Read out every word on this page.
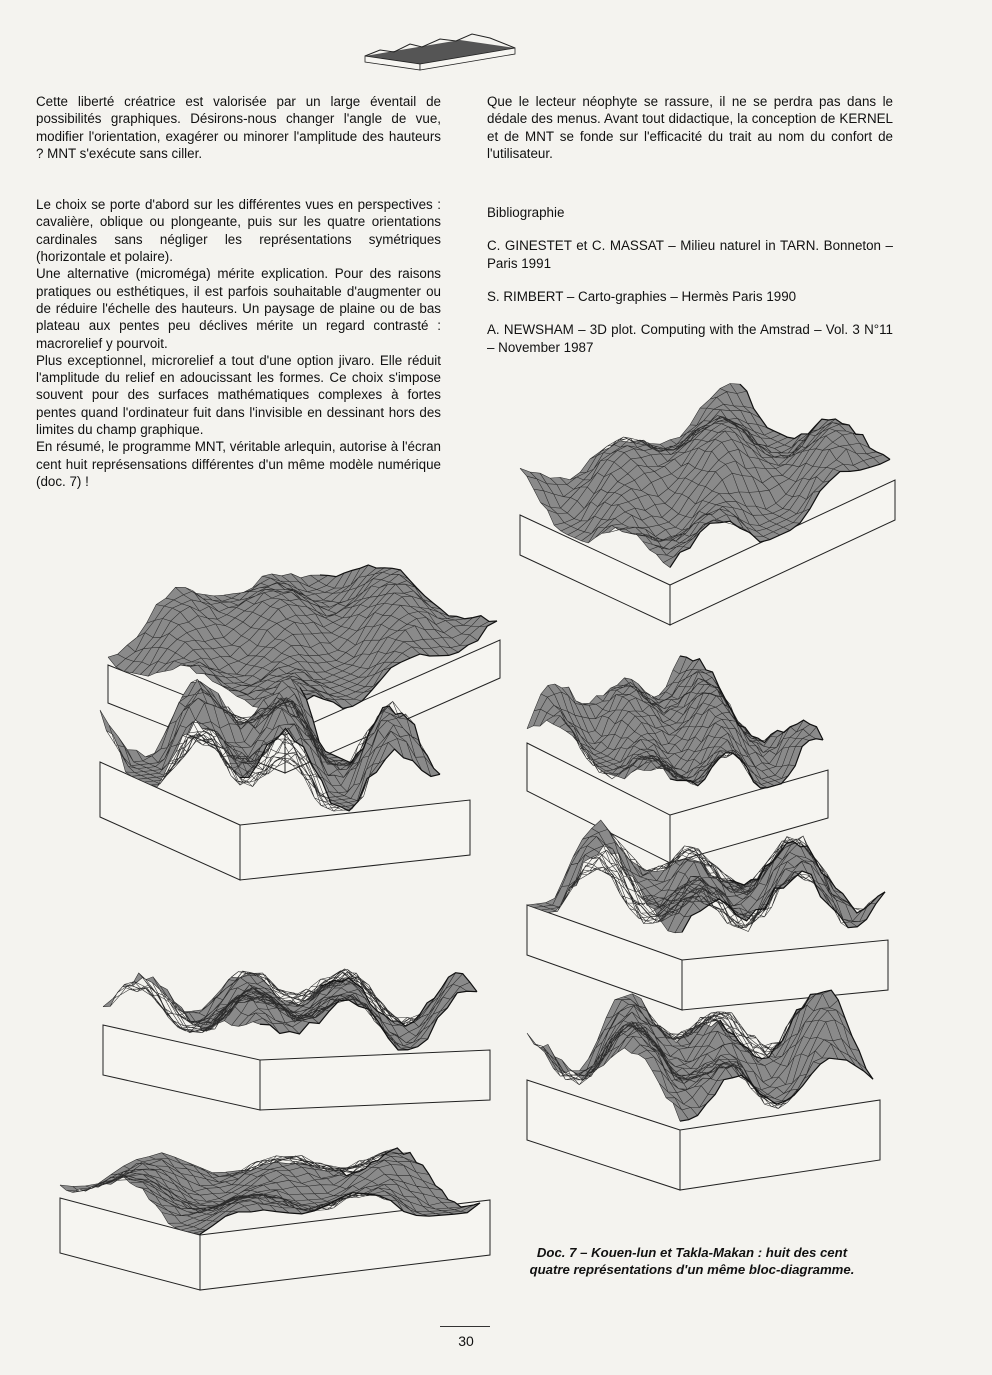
Cette liberté créatrice est valorisée par un large éventail de possibilités graphiques. Désirons-nous changer l'angle de vue, modifier l'orientation, exagérer ou minorer l'amplitude des hauteurs ? MNT s'exécute sans ciller.

Le choix se porte d'abord sur les différentes vues en perspectives : cavalière, oblique ou plongeante, puis sur les quatre orientations cardinales sans négliger les représentations symétriques (horizontale et polaire).

Une alternative (microméga) mérite explication. Pour des raisons pratiques ou esthétiques, il est parfois souhaitable d'augmenter ou de réduire l'échelle des hauteurs. Un paysage de plaine ou de bas plateau aux pentes peu déclives mérite un regard contrasté : macrorelief y pourvoit.

Plus exceptionnel, microrelief a tout d'une option jivaro. Elle réduit l'amplitude du relief en adoucissant les formes. Ce choix s'impose souvent pour des surfaces mathématiques complexes à fortes pentes quand l'ordinateur fuit dans l'invisible en dessinant hors des limites du champ graphique.

En résumé, le programme MNT, véritable arlequin, autorise à l'écran cent huit représensations différentes d'un même modèle numérique (doc. 7) !

Que le lecteur néophyte se rassure, il ne se perdra pas dans le dédale des menus. Avant tout didactique, la conception de KERNEL et de MNT se fonde sur l'efficacité du trait au nom du confort de l'utilisateur.

Bibliographie

C. GINESTET et C. MASSAT – Milieu naturel in TARN. Bonneton – Paris 1991

S. RIMBERT – Carto-graphies – Hermès Paris 1990

A. NEWSHAM – 3D plot. Computing with the Amstrad – Vol. 3 N°11 – November 1987

Doc. 7 – Kouen-lun et Takla-Makan : huit des cent
quatre représentations d'un même bloc-diagramme.
30
